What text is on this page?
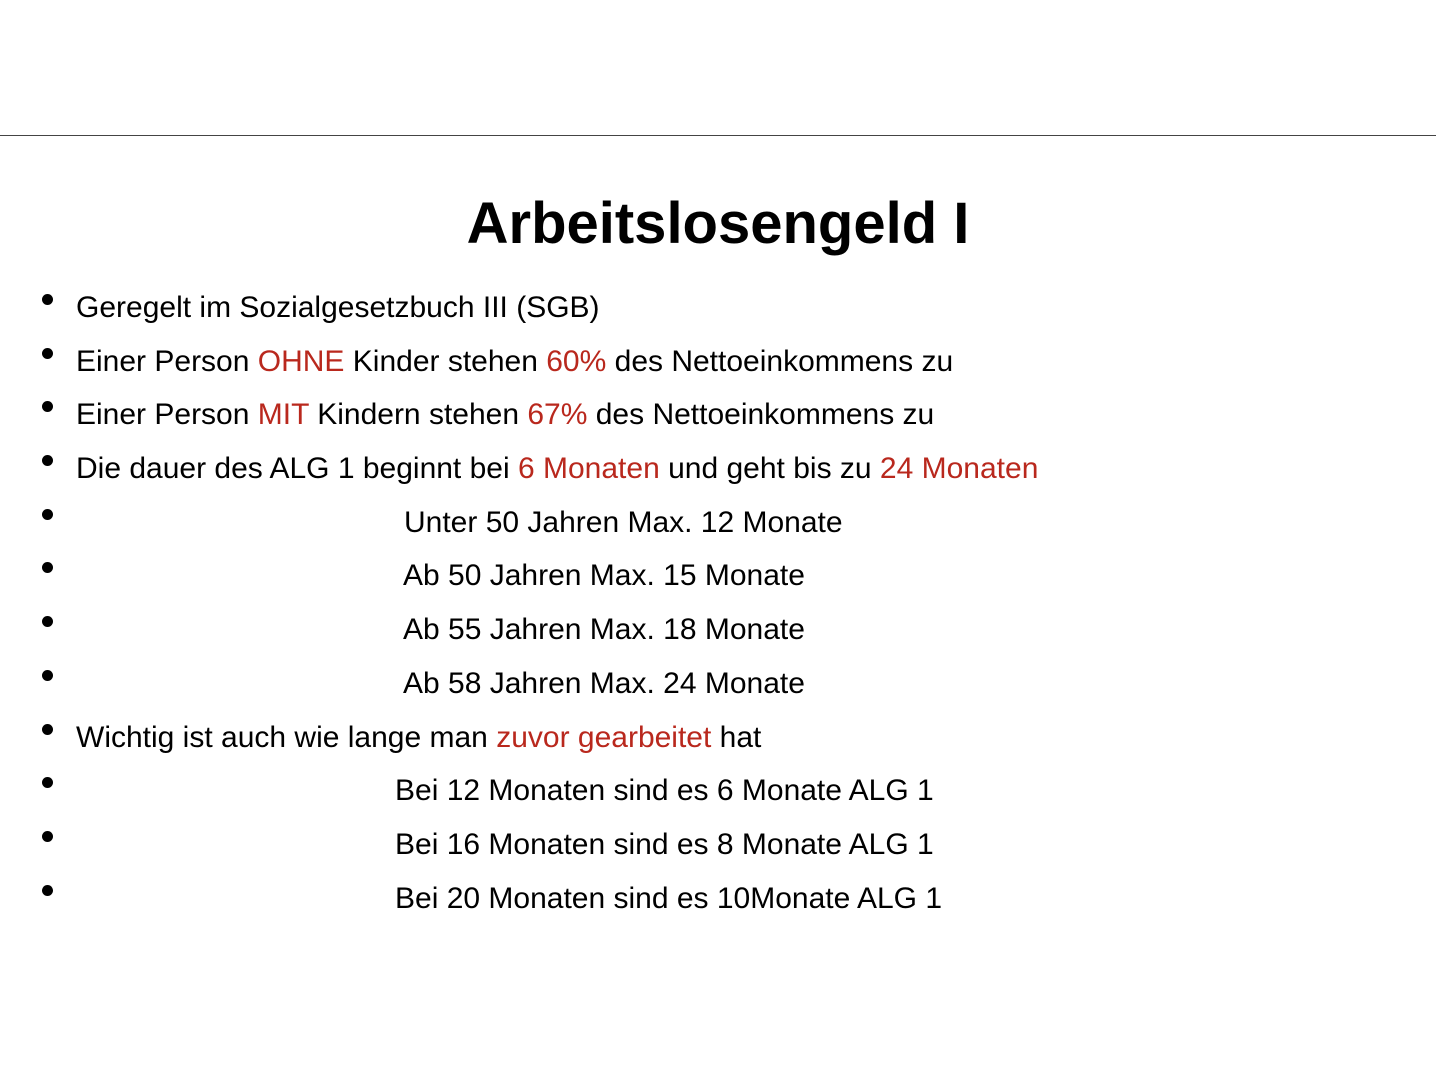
Arbeitslosengeld I
Geregelt im Sozialgesetzbuch III (SGB)
Einer Person OHNE Kinder stehen 60% des Nettoeinkommens zu
Einer Person MIT Kindern stehen 67% des Nettoeinkommens zu
Die dauer des ALG 1 beginnt bei 6 Monaten und geht bis zu 24 Monaten
Unter 50 Jahren Max. 12 Monate
Ab 50 Jahren Max. 15 Monate
Ab 55 Jahren Max. 18 Monate
Ab 58 Jahren Max. 24 Monate
Wichtig ist auch wie lange man zuvor gearbeitet hat
Bei 12 Monaten sind es 6 Monate ALG 1
Bei 16 Monaten sind es 8 Monate ALG 1
Bei 20 Monaten sind es 10Monate ALG 1
